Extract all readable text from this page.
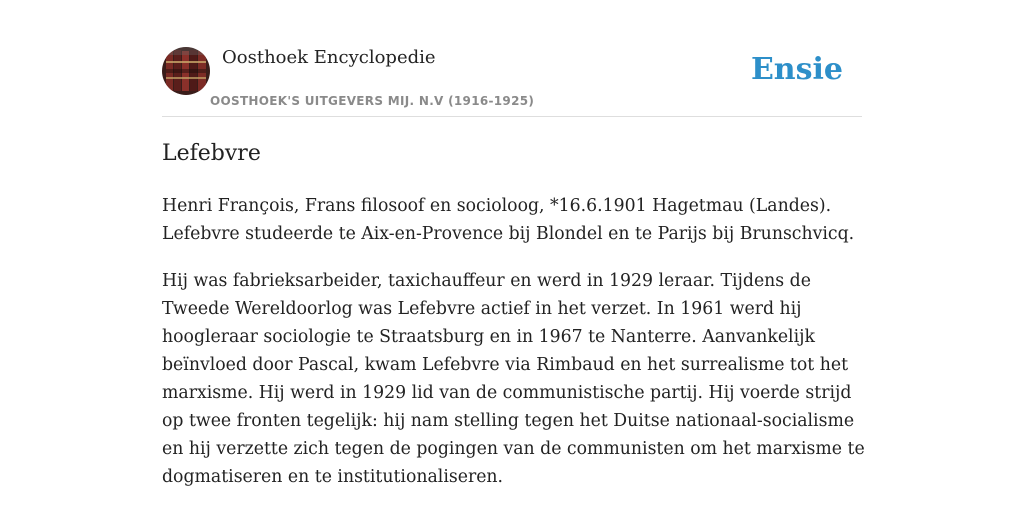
Oosthoek Encyclopedie
OOSTHOEK'S UITGEVERS MIJ. N.V (1916-1925)
Ensie
Lefebvre

Henri François, Frans filosoof en socioloog, *16.6.1901 Hagetmau (Landes). Lefebvre studeerde te Aix-en-Provence bij Blondel en te Parijs bij Brunschvicq.

Hij was fabrieksarbeider, taxichauffeur en werd in 1929 leraar. Tijdens de Tweede Wereldoorlog was Lefebvre actief in het verzet. In 1961 werd hij hoogleraar sociologie te Straatsburg en in 1967 te Nanterre. Aanvankelijk beïnvloed door Pascal, kwam Lefebvre via Rimbaud en het surrealisme tot het marxisme. Hij werd in 1929 lid van de communistische partij. Hij voerde strijd op twee fronten tegelijk: hij nam stelling tegen het Duitse nationaal-socialisme en hij verzette zich tegen de pogingen van de communisten om het marxisme te dogmatiseren en te institutionaliseren.
